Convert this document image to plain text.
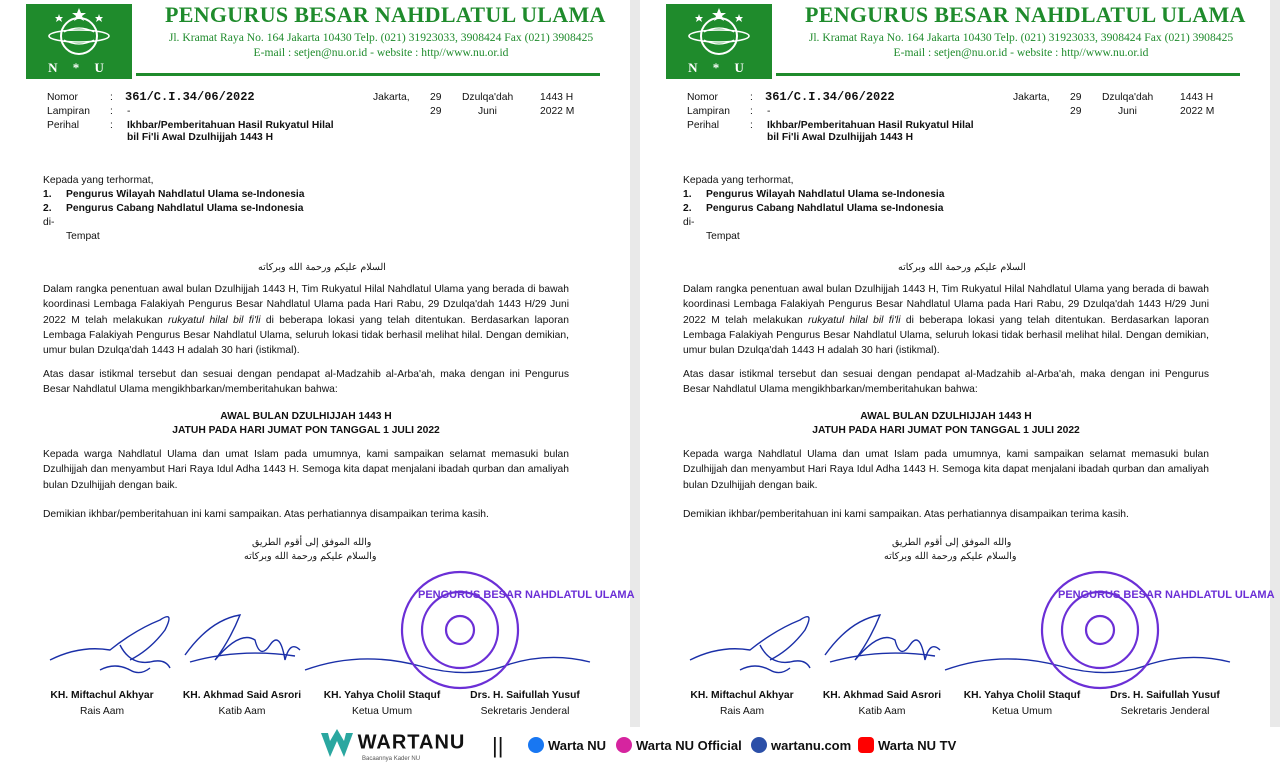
N * U
PENGURUS BESAR NAHDLATUL ULAMA
Jl. Kramat Raya No. 164 Jakarta 10430 Telp. (021) 31923033, 3908424 Fax (021) 3908425
E-mail : setjen@nu.or.id - website : http//www.nu.or.id
Nomor	: 361/C.I.34/06/2022
Lampiran : -
Perihal	: Ikhbar/Pemberitahuan Hasil Rukyatul Hilal
bil Fi'li Awal Dzulhijjah 1443 H
Jakarta, 29 Dzulqa'dah	1443 H
29	Juni	2022 M
Kepada yang terhormat,
1. Pengurus Wilayah Nahdlatul Ulama se-Indonesia
2. Pengurus Cabang Nahdlatul Ulama se-Indonesia
di-
Tempat
السلام عليكم ورحمة الله وبركاته
Dalam rangka penentuan awal bulan Dzulhijjah 1443 H, Tim Rukyatul Hilal Nahdlatul Ulama yang berada di bawah koordinasi Lembaga Falakiyah Pengurus Besar Nahdlatul Ulama pada Hari Rabu, 29 Dzulqa'dah 1443 H/29 Juni 2022 M telah melakukan rukyatul hilal bil fi'li di beberapa lokasi yang telah ditentukan. Berdasarkan laporan Lembaga Falakiyah Pengurus Besar Nahdlatul Ulama, seluruh lokasi tidak berhasil melihat hilal. Dengan demikian, umur bulan Dzulqa'dah 1443 H adalah 30 hari (istikmal).
Atas dasar istikmal tersebut dan sesuai dengan pendapat al-Madzahib al-Arba'ah, maka dengan ini Pengurus Besar Nahdlatul Ulama mengikhbarkan/memberitahukan bahwa:
AWAL BULAN DZULHIJJAH 1443 H
JATUH PADA HARI JUMAT PON TANGGAL 1 JULI 2022
Kepada warga Nahdlatul Ulama dan umat Islam pada umumnya, kami sampaikan selamat memasuki bulan Dzulhijjah dan menyambut Hari Raya Idul Adha 1443 H. Semoga kita dapat menjalani ibadah qurban dan amaliyah bulan Dzulhijjah dengan baik.
Demikian ikhbar/pemberitahuan ini kami sampaikan. Atas perhatiannya disampaikan terima kasih.
والله الموفق إلى أقوم الطريق
والسلام عليكم ورحمة الله وبركاته
PENGURUS BESAR NAHDLATUL ULAMA
KH. Miftachul Akhyar
Rais Aam
KH. Akhmad Said Asrori
Katib Aam
KH. Yahya Cholil Staquf
Ketua Umum
Drs. H. Saifullah Yusuf
Sekretaris Jenderal
N * U
PENGURUS BESAR NAHDLATUL ULAMA
Jl. Kramat Raya No. 164 Jakarta 10430 Telp. (021) 31923033, 3908424 Fax (021) 3908425
E-mail : setjen@nu.or.id - website : http//www.nu.or.id
Nomor	: 361/C.I.34/06/2022
Lampiran : -
Perihal	: Ikhbar/Pemberitahuan Hasil Rukyatul Hilal
bil Fi'li Awal Dzulhijjah 1443 H
Jakarta, 29 Dzulqa'dah	1443 H
29	Juni	2022 M
Kepada yang terhormat,
1. Pengurus Wilayah Nahdlatul Ulama se-Indonesia
2. Pengurus Cabang Nahdlatul Ulama se-Indonesia
di-
Tempat
السلام عليكم ورحمة الله وبركاته
Dalam rangka penentuan awal bulan Dzulhijjah 1443 H, Tim Rukyatul Hilal Nahdlatul Ulama yang berada di bawah koordinasi Lembaga Falakiyah Pengurus Besar Nahdlatul Ulama pada Hari Rabu, 29 Dzulqa'dah 1443 H/29 Juni 2022 M telah melakukan rukyatul hilal bil fi'li di beberapa lokasi yang telah ditentukan. Berdasarkan laporan Lembaga Falakiyah Pengurus Besar Nahdlatul Ulama, seluruh lokasi tidak berhasil melihat hilal. Dengan demikian, umur bulan Dzulqa'dah 1443 H adalah 30 hari (istikmal).
Atas dasar istikmal tersebut dan sesuai dengan pendapat al-Madzahib al-Arba'ah, maka dengan ini Pengurus Besar Nahdlatul Ulama mengikhbarkan/memberitahukan bahwa:
AWAL BULAN DZULHIJJAH 1443 H
JATUH PADA HARI JUMAT PON TANGGAL 1 JULI 2022
Kepada warga Nahdlatul Ulama dan umat Islam pada umumnya, kami sampaikan selamat memasuki bulan Dzulhijjah dan menyambut Hari Raya Idul Adha 1443 H. Semoga kita dapat menjalani ibadah qurban dan amaliyah bulan Dzulhijjah dengan baik.
Demikian ikhbar/pemberitahuan ini kami sampaikan. Atas perhatiannya disampaikan terima kasih.
والله الموفق إلى أقوم الطريق
والسلام عليكم ورحمة الله وبركاته
PENGURUS BESAR NAHDLATUL ULAMA
KH. Miftachul Akhyar
Rais Aam
KH. Akhmad Said Asrori
Katib Aam
KH. Yahya Cholil Staquf
Ketua Umum
Drs. H. Saifullah Yusuf
Sekretaris Jenderal
WARTANU
Bacaannya Kader NU
||	Warta NU	Warta NU Official	wartanu.com	Warta NU TV
